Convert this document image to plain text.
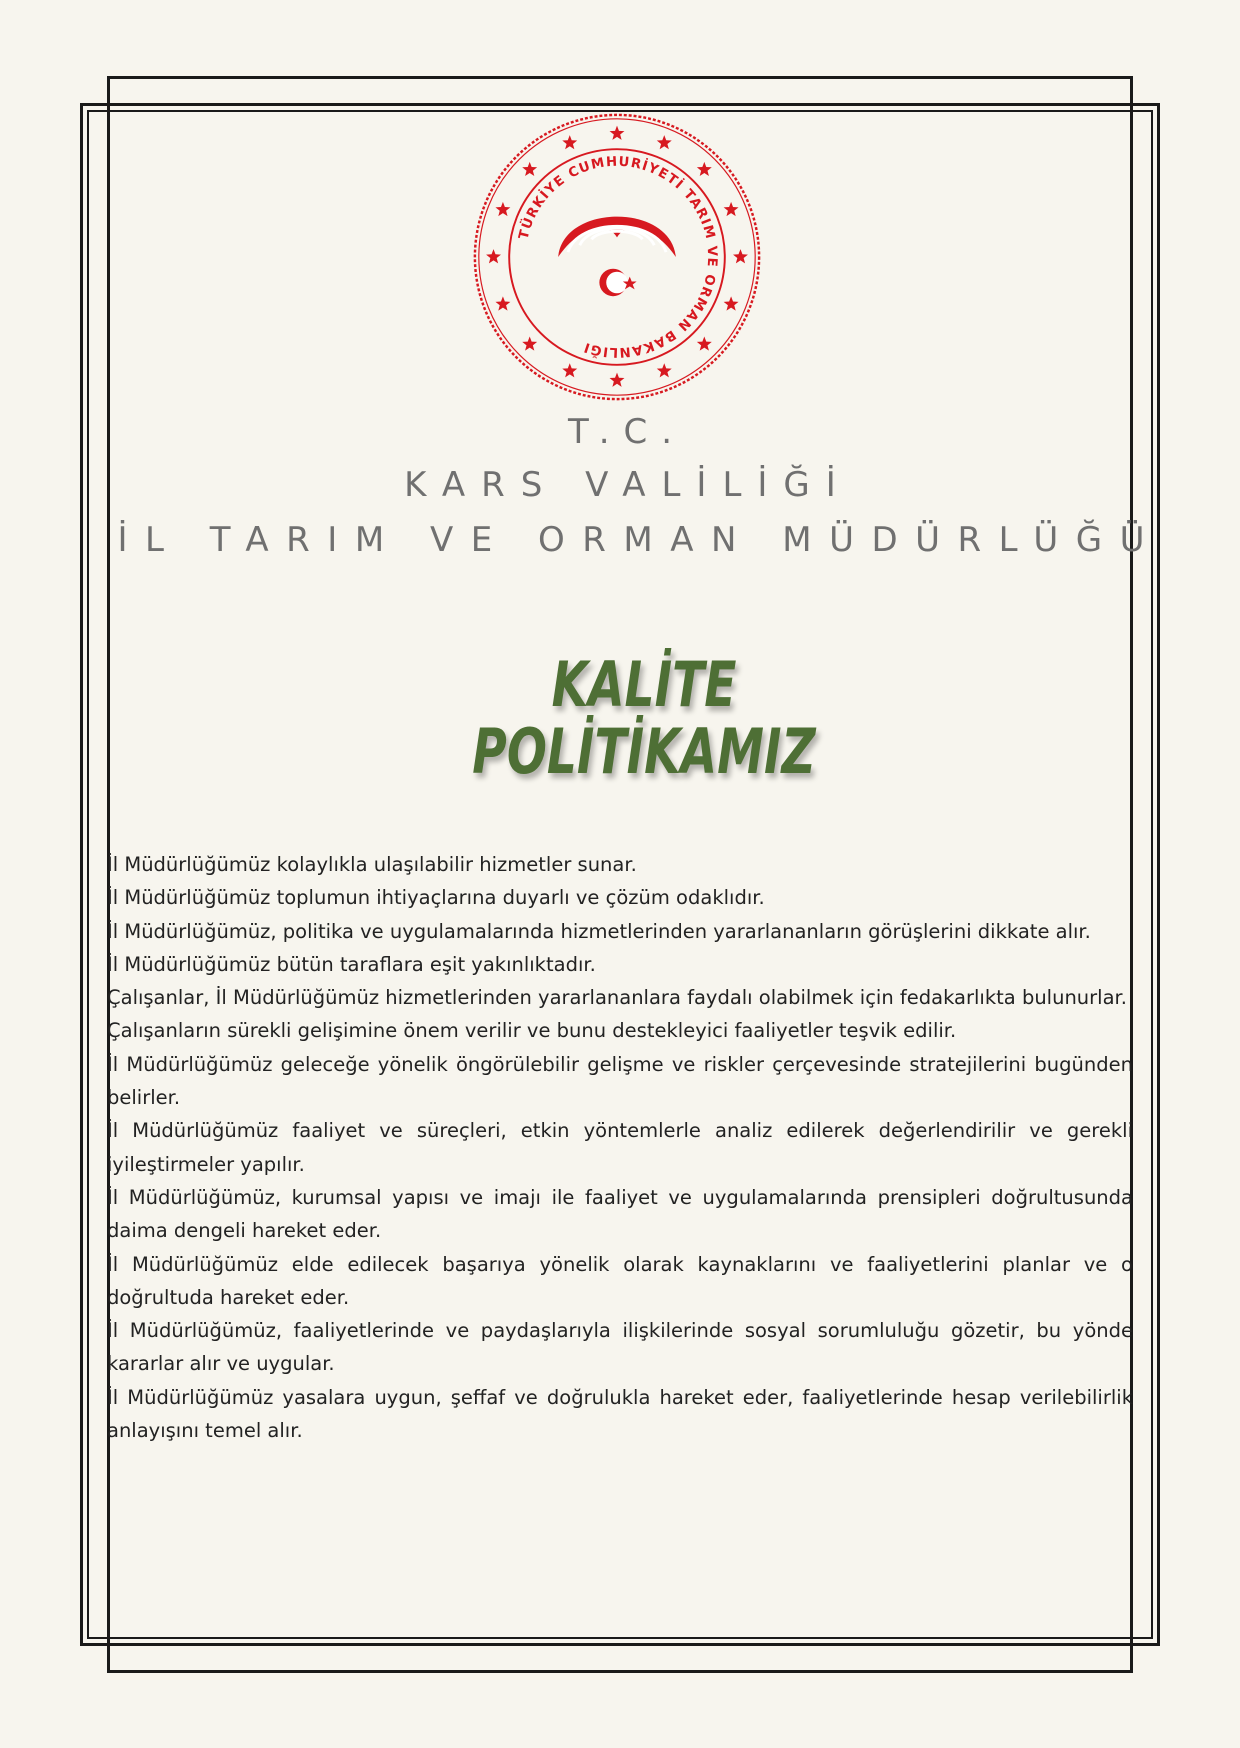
TÜRKİYE CUMHURİYETİ TARIM VE ORMAN BAKANLIĞI
T.C.
KARS VALİLİĞİ
İL TARIM VE ORMAN MÜDÜRLÜĞÜ
KALİTE
POLİTİKAMIZ

İl Müdürlüğümüz kolaylıkla ulaşılabilir hizmetler sunar.

İl Müdürlüğümüz toplumun ihtiyaçlarına duyarlı ve çözüm odaklıdır.

İl Müdürlüğümüz, politika ve uygulamalarında hizmetlerinden yararlananların görüşlerini dikkate alır.

İl Müdürlüğümüz bütün taraflara eşit yakınlıktadır.

Çalışanlar, İl Müdürlüğümüz hizmetlerinden yararlananlara faydalı olabilmek için fedakarlıkta bulunurlar.

Çalışanların sürekli gelişimine önem verilir ve bunu destekleyici faaliyetler teşvik edilir.

İl Müdürlüğümüz geleceğe yönelik öngörülebilir gelişme ve riskler çerçevesinde stratejilerini bugünden belirler.

İl Müdürlüğümüz faaliyet ve süreçleri, etkin yöntemlerle analiz edilerek değerlendirilir ve gerekli iyileştirmeler yapılır.

İl Müdürlüğümüz, kurumsal yapısı ve imajı ile faaliyet ve uygulamalarında prensipleri doğrultusunda daima dengeli hareket eder.

İl Müdürlüğümüz elde edilecek başarıya yönelik olarak kaynaklarını ve faaliyetlerini planlar ve o doğrultuda hareket eder.

İl Müdürlüğümüz, faaliyetlerinde ve paydaşlarıyla ilişkilerinde sosyal sorumluluğu gözetir, bu yönde kararlar alır ve uygular.

İl Müdürlüğümüz yasalara uygun, şeffaf ve doğrulukla hareket eder, faaliyetlerinde hesap verilebilirlik anlayışını temel alır.
